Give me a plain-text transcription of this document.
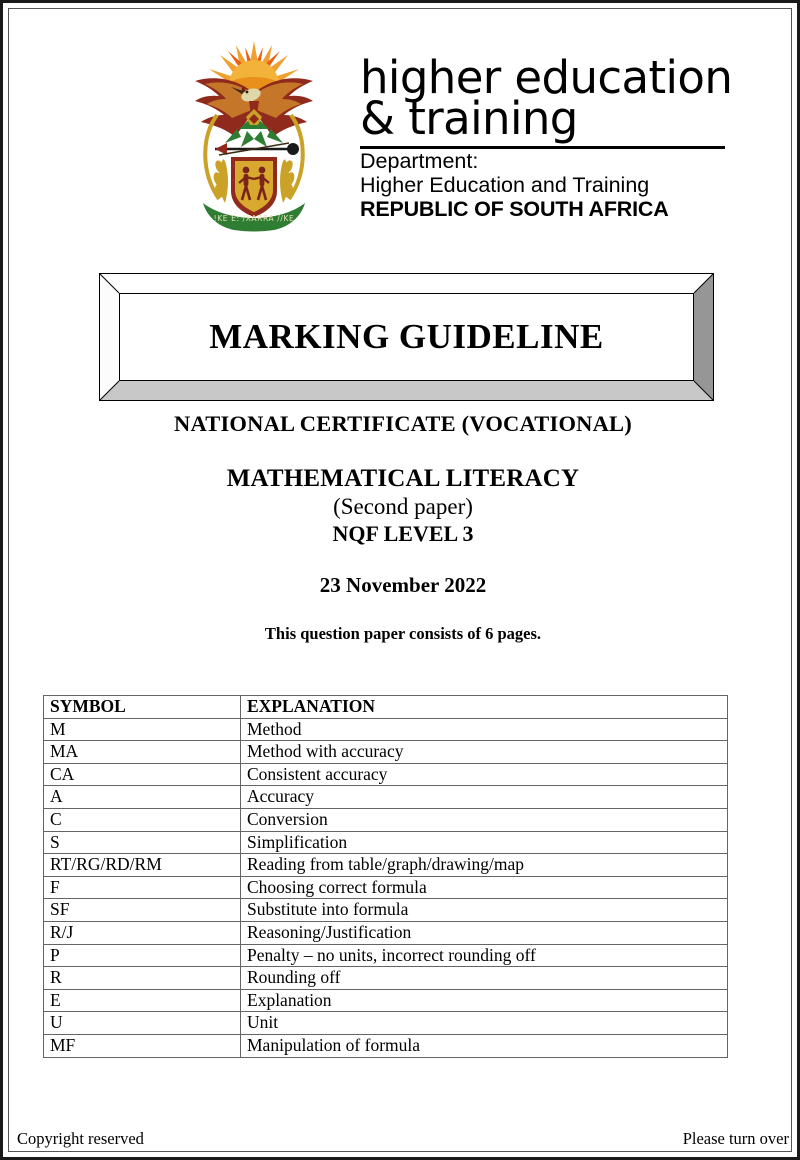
!KE E: /XARRA //KE
higher education
& training
Department:
Higher Education and Training
REPUBLIC OF SOUTH AFRICA
MARKING GUIDELINE
NATIONAL CERTIFICATE (VOCATIONAL)
MATHEMATICAL LITERACY
(Second paper)
NQF LEVEL 3
23 November 2022
This question paper consists of 6 pages.
SYMBOL	EXPLANATION
M	Method
MA	Method with accuracy
CA	Consistent accuracy
A	Accuracy
C	Conversion
S	Simplification
RT/RG/RD/RM	Reading from table/graph/drawing/map
F	Choosing correct formula
SF	Substitute into formula
R/J	Reasoning/Justification
P	Penalty – no units, incorrect rounding off
R	Rounding off
E	Explanation
U	Unit
MF	Manipulation of formula
Copyright reserved	Please turn over
